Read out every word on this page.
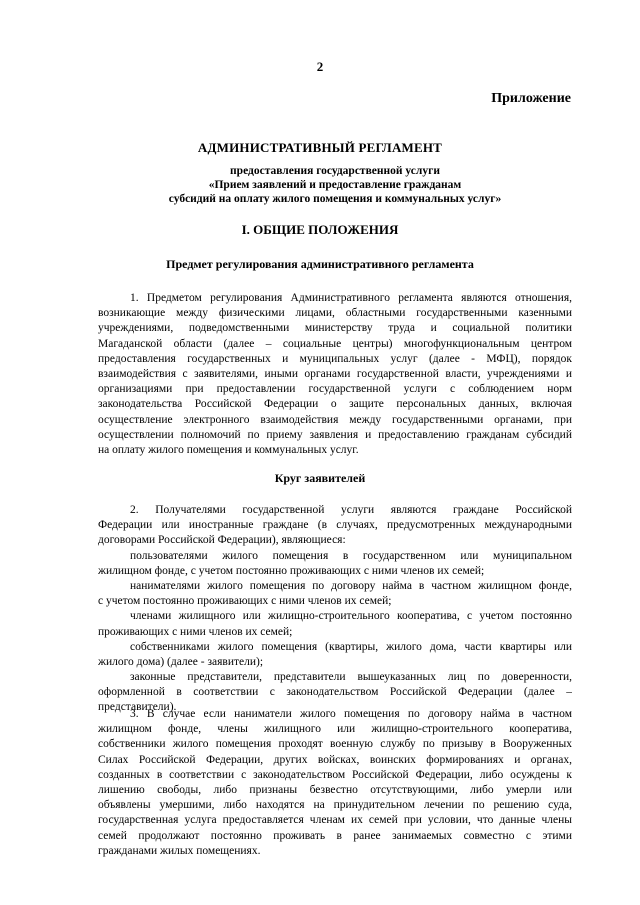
2
Приложение
АДМИНИСТРАТИВНЫЙ РЕГЛАМЕНТ
предоставления государственной услуги
«Прием заявлений и предоставление гражданам
субсидий на оплату жилого помещения и коммунальных услуг»
I. ОБЩИЕ ПОЛОЖЕНИЯ
Предмет регулирования административного регламента
1. Предметом регулирования Административного регламента являются отношения,
возникающие между физическими лицами, областными государственными казенными
учреждениями, подведомственными министерству труда и социальной политики
Магаданской области (далее – социальные центры) многофункциональным центром
предоставления государственных и муниципальных услуг (далее - МФЦ), порядок
взаимодействия с заявителями, иными органами государственной власти, учреждениями и
организациями при предоставлении государственной услуги с соблюдением норм
законодательства Российской Федерации о защите персональных данных, включая
осуществление электронного взаимодействия между государственными органами, при
осуществлении полномочий по приему заявления и предоставлению гражданам субсидий
на оплату жилого помещения и коммунальных услуг.
Круг заявителей
2. Получателями государственной услуги являются граждане Российской
Федерации или иностранные граждане (в случаях, предусмотренных международными
договорами Российской Федерации), являющиеся:
пользователями жилого помещения в государственном или муниципальном
жилищном фонде, с учетом постоянно проживающих с ними членов их семей;
нанимателями жилого помещения по договору найма в частном жилищном фонде,
с учетом постоянно проживающих с ними членов их семей;
членами жилищного или жилищно-строительного кооператива, с учетом постоянно
проживающих с ними членов их семей;
собственниками жилого помещения (квартиры, жилого дома, части квартиры или
жилого дома) (далее - заявители);
законные представители, представители вышеуказанных лиц по доверенности,
оформленной в соответствии с законодательством Российской Федерации (далее –
представители).
3. В случае если наниматели жилого помещения по договору найма в частном
жилищном фонде, члены жилищного или жилищно-строительного кооператива,
собственники жилого помещения проходят военную службу по призыву в Вооруженных
Силах Российской Федерации, других войсках, воинских формированиях и органах,
созданных в соответствии с законодательством Российской Федерации, либо осуждены к
лишению свободы, либо признаны безвестно отсутствующими, либо умерли или
объявлены умершими, либо находятся на принудительном лечении по решению суда,
государственная услуга предоставляется членам их семей при условии, что данные члены
семей продолжают постоянно проживать в ранее занимаемых совместно с этими
гражданами жилых помещениях.
